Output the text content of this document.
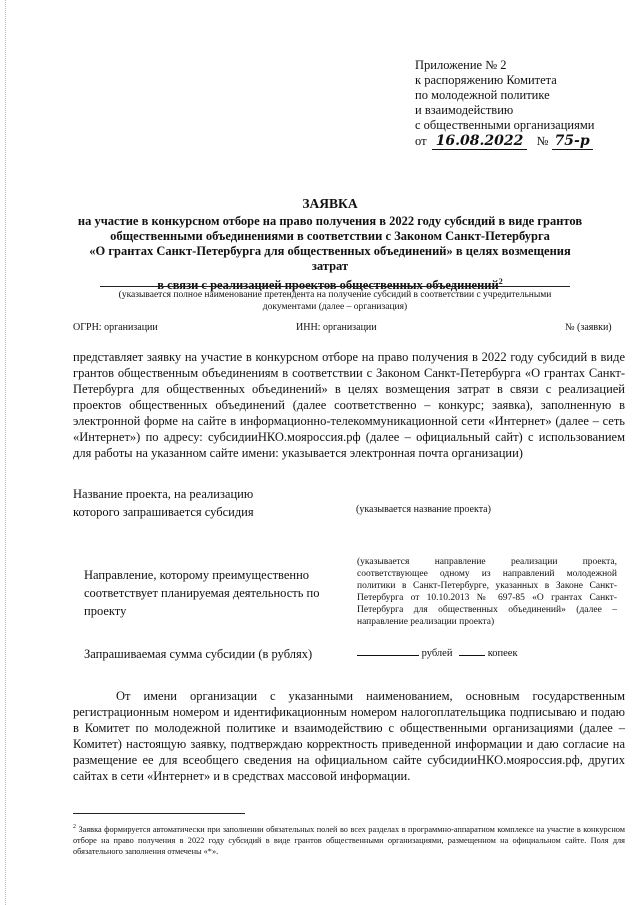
Приложение № 2
к распоряжению Комитета
по молодежной политике
и взаимодействию
с общественными организациями
от 16.08.2022 № 75-р
ЗАЯВКА
на участие в конкурсном отборе на право получения в 2022 году субсидий в виде грантов
общественными объединениями в соответствии с Законом Санкт-Петербурга
«О грантах Санкт-Петербурга для общественных объединений» в целях возмещения затрат
$^2$
(указывается полное наименование претендента на получение субсидий в соответствии с учредительными документами (далее – организация)
ОГРН: организации	ИНН: организации	№ (заявки)
представляет заявку на участие в конкурсном отборе на право получения в 2022 году субсидий в виде грантов общественным объединениям в соответствии с Законом Санкт-Петербурга «О грантах Санкт-Петербурга для общественных объединений» в целях возмещения затрат в связи с реализацией проектов общественных объединений (далее соответственно – конкурс; заявка), заполненную в электронной форме на сайте в информационно-телекоммуникационной сети «Интернет» (далее – сеть «Интернет») по адресу: субсидииНКО.мояроссия.рф (далее – официальный сайт) с использованием для работы на указанном сайте имени: указывается электронная почта организации)
Название проекта, на реализацию которого запрашивается субсидия	(указывается название проекта)
Направление, которому преимущественно соответствует планируемая деятельность по проекту
(указывается направление реализации проекта, соответствующее одному из направлений молодежной политики в Санкт-Петербурге, указанных в Законе Санкт-Петербурга от 10.10.2013 № 697-85 «О грантах Санкт-Петербурга для общественных объединений» (далее – направление реализации проекта)
Запрашиваемая сумма субсидии (в рублях)	рублей	копеек
От имени организации с указанными наименованием, основным государственным регистрационным номером и идентификационным номером налогоплательщика подписываю и подаю в Комитет по молодежной политике и взаимодействию с общественными организациями (далее – Комитет) настоящую заявку, подтверждаю корректность приведенной информации и даю согласие на размещение ее для всеобщего сведения на официальном сайте субсидииНКО.мояроссия.рф, других сайтах в сети «Интернет» и в средствах массовой информации.
$^2$ Заявка формируется автоматически при заполнении обязательных полей во всех разделах в программно-аппаратном комплексе на участие в конкурсном отборе на право получения в 2022 году субсидий в виде грантов общественными организациями, размещенном на официальном сайте. Поля для обязательного заполнения отмечены «*».
